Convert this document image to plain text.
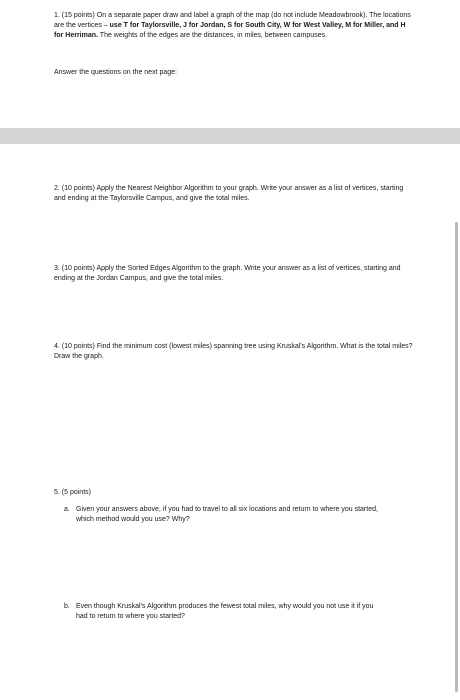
1. (15 points) On a separate paper draw and label a graph of the map (do not include Meadowbrook). The locations are the vertices – use T for Taylorsville, J for Jordan, S for South City, W for West Valley, M for Miller, and H for Herriman. The weights of the edges are the distances, in miles, between campuses.
Answer the questions on the next page:
2. (10 points) Apply the Nearest Neighbor Algorithm to your graph. Write your answer as a list of vertices, starting and ending at the Taylorsville Campus, and give the total miles.
3. (10 points) Apply the Sorted Edges Algorithm to the graph. Write your answer as a list of vertices, starting and ending at the Jordan Campus, and give the total miles.
4. (10 points) Find the minimum cost (lowest miles) spanning tree using Kruskal's Algorithm. What is the total miles? Draw the graph.
5. (5 points)
a. Given your answers above, if you had to travel to all six locations and return to where you started,
which method would you use? Why?
b. Even though Kruskal's Algorithm produces the fewest total miles, why would you not use it if you
had to return to where you started?
